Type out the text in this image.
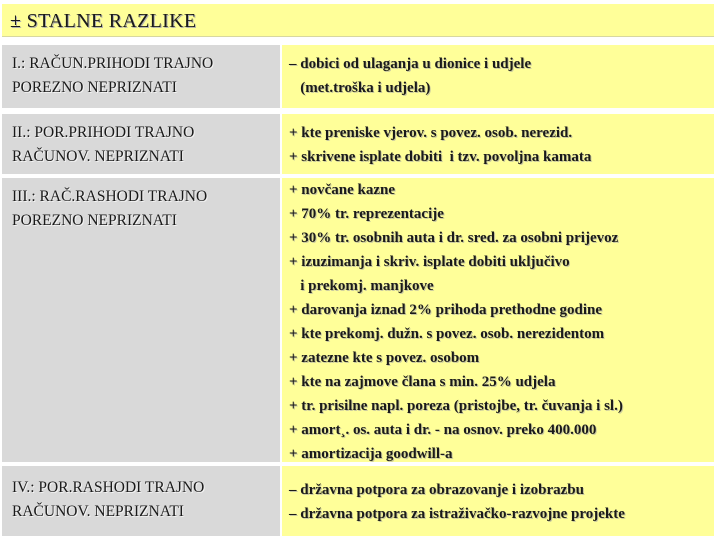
± STALNE RAZLIKE
I.: RAČUN.PRIHODI TRAJNO
POREZNO NEPRIZNATI
– dobici od ulaganja u dionice i udjele
(met.troška i udjela)
II.: POR.PRIHODI TRAJNO
RAČUNOV. NEPRIZNATI
+ kte preniske vjerov. s povez. osob. nerezid.
+ skrivene isplate dobiti  i tzv. povoljna kamata
III.: RAČ.RASHODI TRAJNO
POREZNO NEPRIZNATI
+ novčane kazne
+ 70% tr. reprezentacije
+ 30% tr. osobnih auta i dr. sred. za osobni prijevoz
+ izuzimanja i skriv. isplate dobiti uključivo
i prekomj. manjkove
+ darovanja iznad 2% prihoda prethodne godine
+ kte prekomj. dužn. s povez. osob. nerezidentom
+ zatezne kte s povez. osobom
+ kte na zajmove člana s min. 25% udjela
+ tr. prisilne napl. poreza (pristojbe, tr. čuvanja i sl.)
+ amort¸. os. auta i dr. - na osnov. preko 400.000
+ amortizacija goodwill-a
IV.: POR.RASHODI TRAJNO
RAČUNOV. NEPRIZNATI
– državna potpora za obrazovanje i izobrazbu
– državna potpora za istraživačko-razvojne projekte
